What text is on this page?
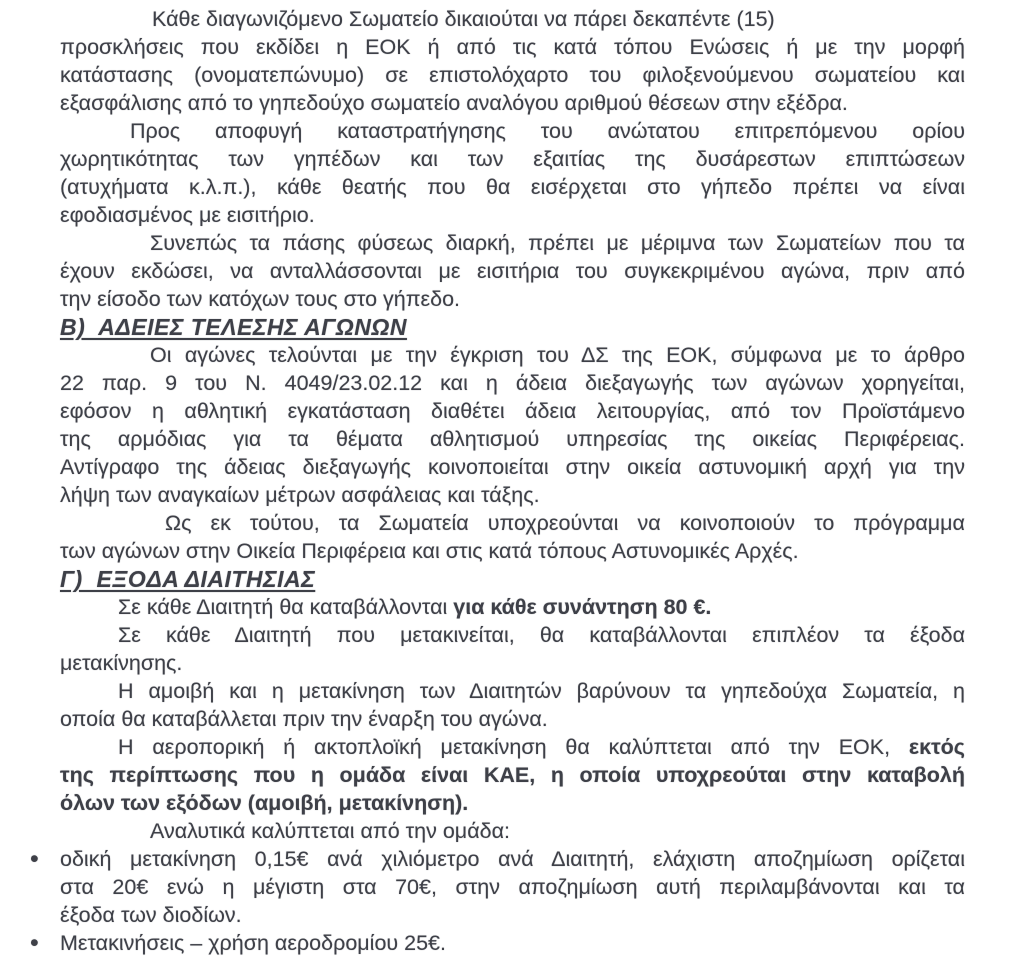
Κάθε διαγωνιζόμενο Σωματείο δικαιούται να πάρει δεκαπέντε (15)
προσκλήσεις που εκδίδει η ΕΟΚ ή από τις κατά τόπου Ενώσεις ή με την μορφή
κατάστασης (ονοματεπώνυμο) σε επιστολόχαρτο του φιλοξενούμενου σωματείου και
εξασφάλισης από το γηπεδούχο σωματείο αναλόγου αριθμού θέσεων στην εξέδρα.
Προς αποφυγή καταστρατήγησης του ανώτατου επιτρεπόμενου ορίου
χωρητικότητας των γηπέδων και των εξαιτίας της δυσάρεστων επιπτώσεων
(ατυχήματα κ.λ.π.), κάθε θεατής που θα εισέρχεται στο γήπεδο πρέπει να είναι
εφοδιασμένος με εισιτήριο.
Συνεπώς τα πάσης φύσεως διαρκή, πρέπει με μέριμνα των Σωματείων που τα
έχουν εκδώσει, να ανταλλάσσονται με εισιτήρια του συγκεκριμένου αγώνα, πριν από
την είσοδο των κατόχων τους στο γήπεδο.
Β)  ΑΔΕΙΕΣ ΤΕΛΕΣΗΣ ΑΓΩΝΩΝ
Οι αγώνες τελούνται με την έγκριση του ΔΣ της ΕΟΚ, σύμφωνα με το άρθρο
22 παρ. 9 του Ν. 4049/23.02.12 και η άδεια διεξαγωγής των αγώνων χορηγείται,
εφόσον η αθλητική εγκατάσταση διαθέτει άδεια λειτουργίας, από τον Προϊστάμενο
της αρμόδιας για τα θέματα αθλητισμού υπηρεσίας της οικείας Περιφέρειας.
Αντίγραφο της άδειας διεξαγωγής κοινοποιείται στην οικεία αστυνομική αρχή για την
λήψη των αναγκαίων μέτρων ασφάλειας και τάξης.
Ως εκ τούτου, τα Σωματεία υποχρεούνται να κοινοποιούν το πρόγραμμα
των αγώνων στην Οικεία Περιφέρεια και στις κατά τόπους Αστυνομικές Αρχές.
Γ)  ΕΞΟΔΑ ΔΙΑΙΤΗΣΙΑΣ
Σε κάθε Διαιτητή θα καταβάλλονται για κάθε συνάντηση 80 €.
Σε κάθε Διαιτητή που μετακινείται, θα καταβάλλονται επιπλέον τα έξοδα
μετακίνησης.
Η αμοιβή και η μετακίνηση των Διαιτητών βαρύνουν τα γηπεδούχα Σωματεία, η
οποία θα καταβάλλεται πριν την έναρξη του αγώνα.
Η αεροπορική ή ακτοπλοϊκή μετακίνηση θα καλύπτεται από την ΕΟΚ, εκτός
της περίπτωσης που η ομάδα είναι ΚΑΕ, η οποία υποχρεούται στην καταβολή
όλων των εξόδων (αμοιβή, μετακίνηση).
Αναλυτικά καλύπτεται από την ομάδα:
• οδική μετακίνηση 0,15€ ανά χιλιόμετρο ανά Διαιτητή, ελάχιστη αποζημίωση ορίζεται
στα 20€ ενώ η μέγιστη στα 70€, στην αποζημίωση αυτή περιλαμβάνονται και τα
έξοδα των διοδίων.
• Μετακινήσεις – χρήση αεροδρομίου 25€.
